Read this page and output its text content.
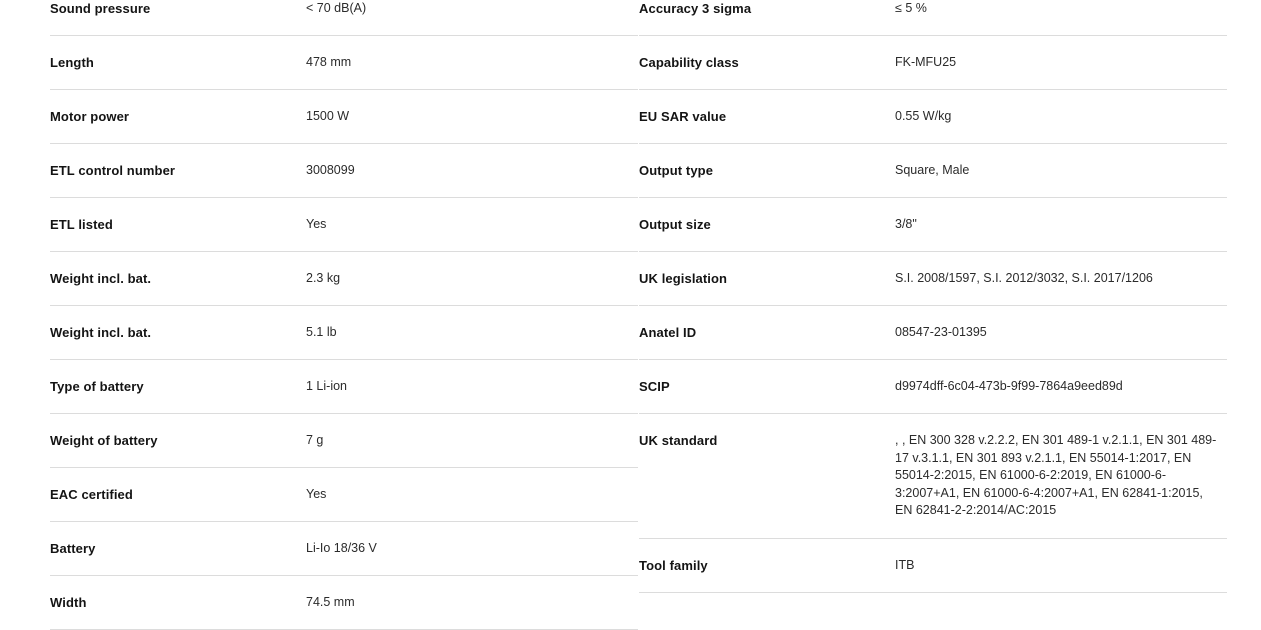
Sound pressure	< 70 dB(A)
Length	478 mm
Motor power	1500 W
ETL control number	3008099
ETL listed	Yes
Weight incl. bat.	2.3 kg
Weight incl. bat.	5.1 lb
Type of battery	1 Li-ion
Weight of battery	7 g
EAC certified	Yes
Battery	Li-Io 18/36 V
Width	74.5 mm
Accuracy 3 sigma	≤ 5 %
Capability class	FK-MFU25
EU SAR value	0.55 W/kg
Output type	Square, Male
Output size	3/8"
UK legislation	S.I. 2008/1597, S.I. 2012/3032, S.I. 2017/1206
Anatel ID	08547-23-01395
SCIP	d9974dff-6c04-473b-9f99-7864a9eed89d
UK standard	, , EN 300 328 v.2.2.2, EN 301 489-1 v.2.1.1, EN 301 489-17 v.3.1.1, EN 301 893 v.2.1.1, EN 55014-1:2017, EN 55014-2:2015, EN 61000-6-2:2019, EN 61000-6-3:2007+A1, EN 61000-6-4:2007+A1, EN 62841-1:2015, EN 62841-2-2:2014/AC:2015
Tool family	ITB
